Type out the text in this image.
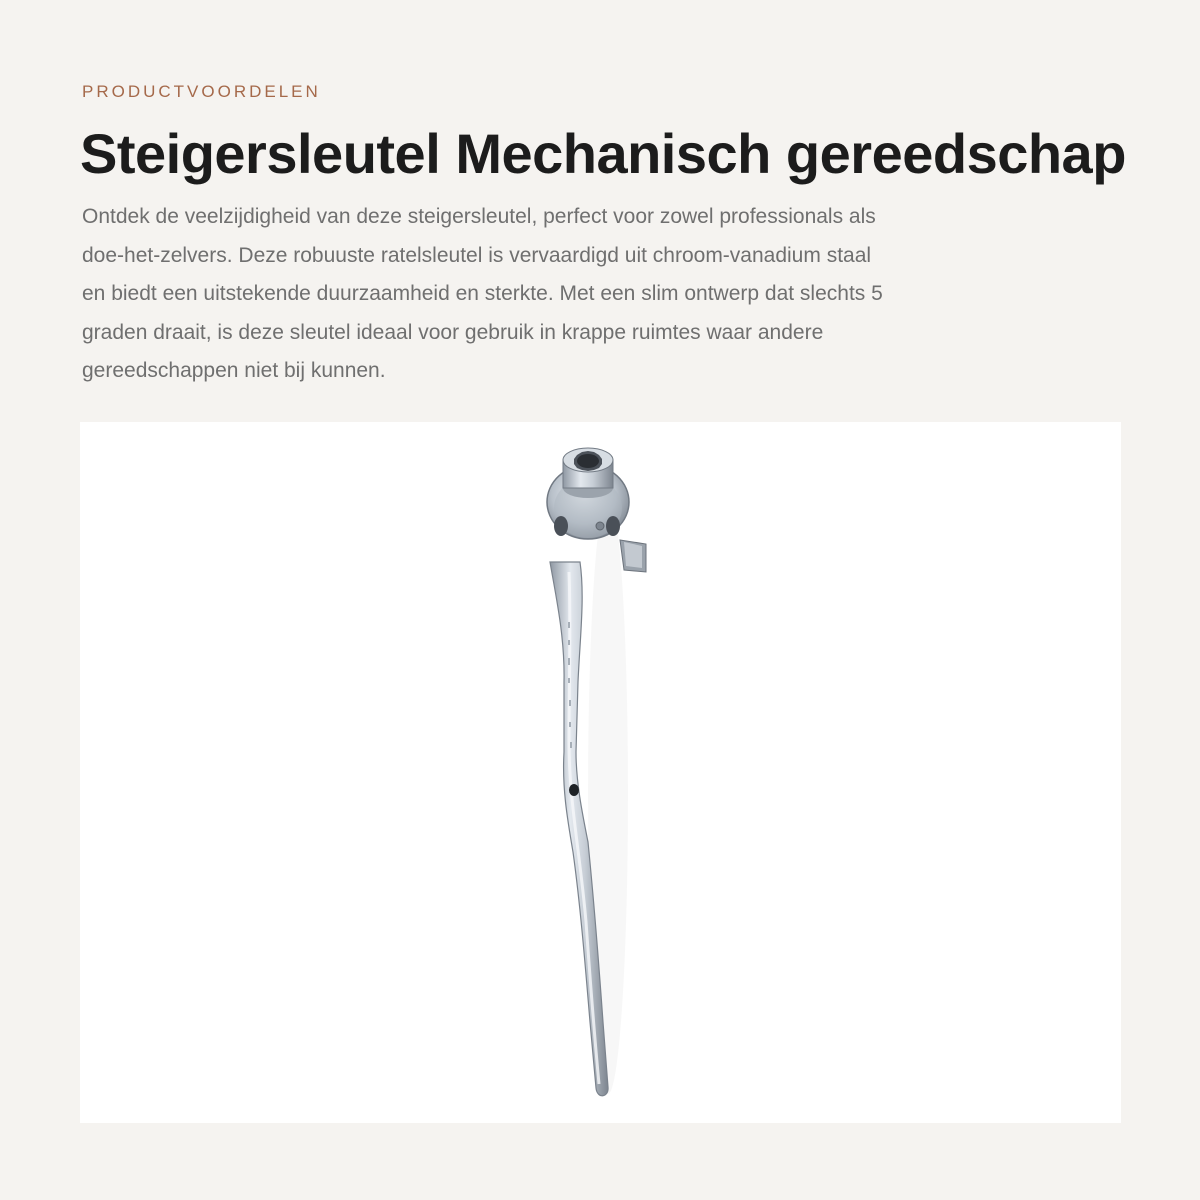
PRODUCTVOORDELEN
Steigersleutel Mechanisch gereedschap

Ontdek de veelzijdigheid van deze steigersleutel, perfect voor zowel professionals als
doe-het-zelvers. Deze robuuste ratelsleutel is vervaardigd uit chroom-vanadium staal
en biedt een uitstekende duurzaamheid en sterkte. Met een slim ontwerp dat slechts 5
graden draait, is deze sleutel ideaal voor gebruik in krappe ruimtes waar andere
gereedschappen niet bij kunnen.
